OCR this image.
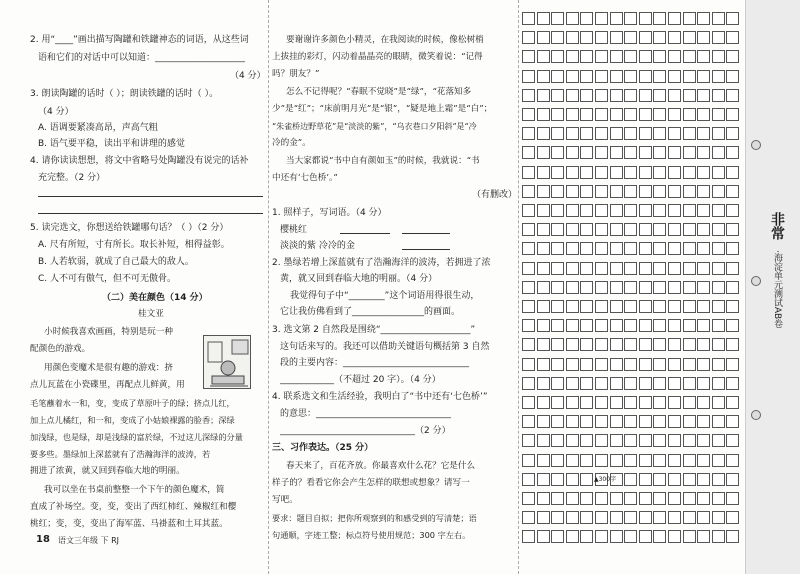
2. 用“____”画出描写陶罐和铁罐神态的词语，从这些词
语和它们的对话中可以知道：____________________
（4 分）
3. 朗读陶罐的话时（ ）；朗读铁罐的话时（ ）。
（4 分）
A. 语调要紧凑高昂，声高气粗
B. 语气要平稳，读出平和讲理的感觉
4. 请你读读想想，将文中省略号处陶罐没有说完的话补
充完整。（2 分）
5. 读完选文，你想送给铁罐哪句话？（ ）（2 分）
A. 尺有所短，寸有所长。取长补短，相得益彰。
B. 人若软弱，就成了自己最大的敌人。
C. 人不可有傲气，但不可无傲骨。
（二）美在颜色（14 分）
桂文亚
小时候我喜欢画画，特别是玩一种
配颜色的游戏。
用颜色变魔术是很有趣的游戏：挤
点儿瓦蓝在小瓷碟里，再配点儿鲜黄，用
毛笔蘸着水一和，变，变成了草原叶子的绿；挤点儿红，
加上点儿橘红，和一和，变成了小姑娘裸露的脸香；深绿
加浅绿，也是绿，却是浅绿的富於绿，不过这儿深绿的分量
要多些。墨绿加上深蓝就有了浩瀚海洋的波涛，若
拥进了浓黄，就又回到春临大地的明丽。
我可以坐在书桌前整整一个下午的颜色魔术，简
直成了补场空。变，变，变出了西红柿红、辣椒红和樱
桃红；变，变，变出了海军蓝、马褂蓝和土耳其蓝。
要谢谢许多颜色小精灵，在我阅读的时候，像松树梢
上拔挂的彩灯，闪动着晶晶亮的眼睛，微笑着说：“记得
吗？朋友？”
怎么不记得呢？“春眠不觉晓”是“绿”，“花落知多
少”是“红”；“床前明月光”是“银”，“疑是地上霜”是“白”；
“朱雀桥边野草花”是“淡淡的紫”，“乌衣巷口夕阳斜”是“冷
冷的金”。
当大家都说“书中自有颜如玉”的时候，我就说：“书
中还有‘七色桥’。”
（有删改）
1. 照样子，写词语。（4 分）
樱桃红
淡淡的紫 冷冷的金
2. 墨绿若增上深蓝就有了浩瀚海洋的波涛，若拥进了浓
黄，就又回到春临大地的明丽。（4 分）
我觉得句子中“________”这个词语用得很生动，
它让我仿佛看到了________________的画面。
3. 选文第 2 自然段是围绕“____________________”
这句话来写的。我还可以借助关键语句概括第 3 自然
段的主要内容：____________________________
____________（不超过 20 字）。（4 分）
4. 联系选文和生活经验，我明白了“书中还有‘七色桥’”
的意思：______________________________
______________________________（2 分）
三、习作表达。（25 分）
春天来了，百花齐放。你最喜欢什么花？它是什么
样子的？看看它你会产生怎样的联想或想象？请写一
写吧。
要求：题目自拟；把你所观察到的和感受到的写清楚；语
句通顺，字迹工整；标点符号使用规范；300 字左右。
▲300字
非常
·海淀单元测试AB卷
18 语文三年级 下 RJ
